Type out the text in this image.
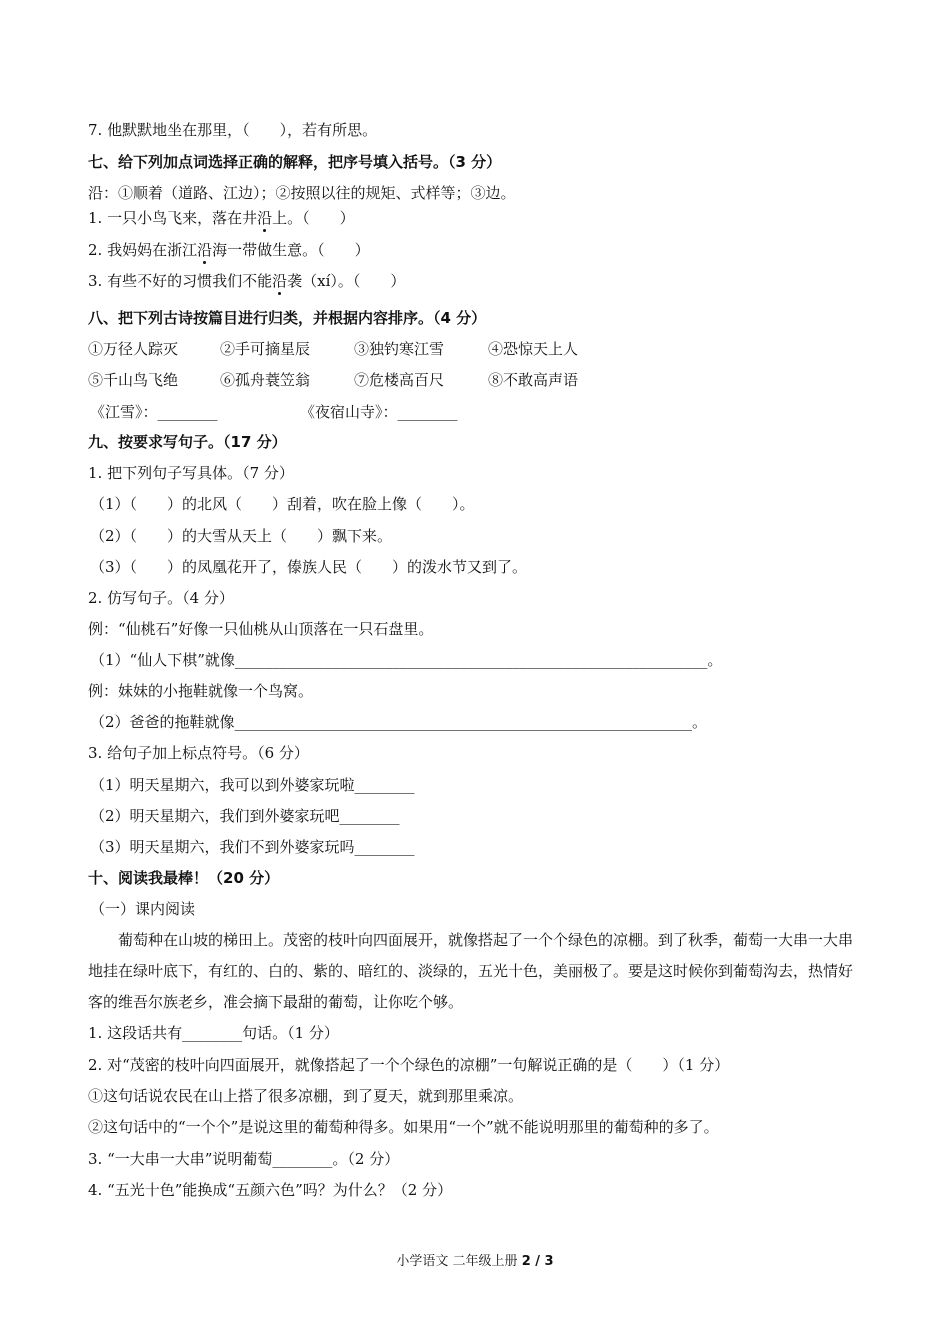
7. 他默默地坐在那里，（　　），若有所思。
七、给下列加点词选择正确的解释，把序号填入括号。（3 分）
沿：①顺着（道路、江边）；②按照以往的规矩、式样等；③边。
1. 一只小鸟飞来，落在井沿上。（　　）
2. 我妈妈在浙江沿海一带做生意。（　　）
3. 有些不好的习惯我们不能沿袭（xí）。（　　）
八、把下列古诗按篇目进行归类，并根据内容排序。（4 分）
①万径人踪灭	②手可摘星辰	③独钓寒江雪	④恐惊天上人
⑤千山鸟飞绝	⑥孤舟蓑笠翁	⑦危楼高百尺	⑧不敢高声语
《江雪》：________	《夜宿山寺》：________
九、按要求写句子。（17 分）
1. 把下列句子写具体。（7 分）
（1）（　　）的北风（　　）刮着，吹在脸上像（　　）。
（2）（　　）的大雪从天上（　　）飘下来。
（3）（　　）的凤凰花开了，傣族人民（　　）的泼水节又到了。
2. 仿写句子。（4 分）
例：“仙桃石”好像一只仙桃从山顶落在一只石盘里。
（1）“仙人下棋”就像_______________________________________________________________。
例：妹妹的小拖鞋就像一个鸟窝。
（2）爸爸的拖鞋就像_____________________________________________________________。
3. 给句子加上标点符号。（6 分）
（1）明天星期六，我可以到外婆家玩啦________
（2）明天星期六，我们到外婆家玩吧________
（3）明天星期六，我们不到外婆家玩吗________
十、阅读我最棒！（20 分）
（一）课内阅读
葡萄种在山坡的梯田上。茂密的枝叶向四面展开，就像搭起了一个个绿色的凉棚。到了秋季，葡萄一大串一大串地挂在绿叶底下，有红的、白的、紫的、暗红的、淡绿的，五光十色，美丽极了。要是这时候你到葡萄沟去，热情好客的维吾尔族老乡，准会摘下最甜的葡萄，让你吃个够。
1. 这段话共有________句话。（1 分）
2. 对“茂密的枝叶向四面展开，就像搭起了一个个绿色的凉棚”一句解说正确的是（　　）（1 分）
①这句话说农民在山上搭了很多凉棚，到了夏天，就到那里乘凉。
②这句话中的“一个个”是说这里的葡萄种得多。如果用“一个”就不能说明那里的葡萄种的多了。
3. “一大串一大串”说明葡萄________。（2 分）
4. “五光十色”能换成“五颜六色”吗？为什么？（2 分）
小学语文 二年级上册 2 / 3
